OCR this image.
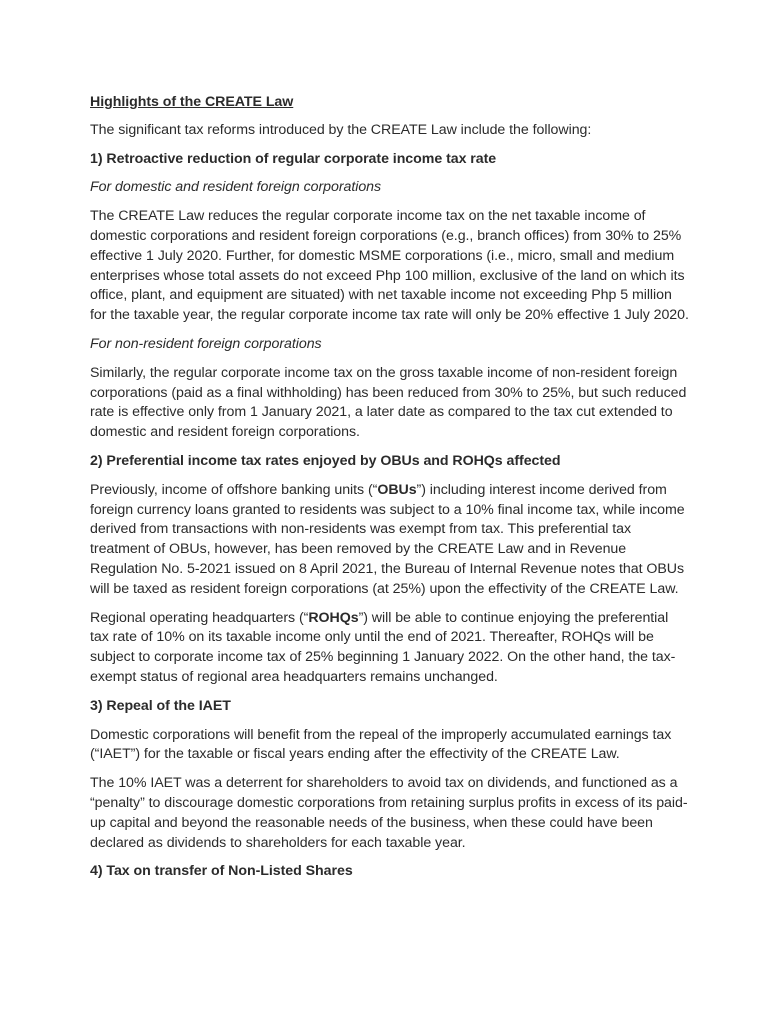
Highlights of the CREATE Law

The significant tax reforms introduced by the CREATE Law include the following:

1) Retroactive reduction of regular corporate income tax rate

For domestic and resident foreign corporations

The CREATE Law reduces the regular corporate income tax on the net taxable income of domestic corporations and resident foreign corporations (e.g., branch offices) from 30% to 25% effective 1 July 2020. Further, for domestic MSME corporations (i.e., micro, small and medium enterprises whose total assets do not exceed Php 100 million, exclusive of the land on which its office, plant, and equipment are situated) with net taxable income not exceeding Php 5 million for the taxable year, the regular corporate income tax rate will only be 20% effective 1 July 2020.

For non-resident foreign corporations

Similarly, the regular corporate income tax on the gross taxable income of non-resident foreign corporations (paid as a final withholding) has been reduced from 30% to 25%, but such reduced rate is effective only from 1 January 2021, a later date as compared to the tax cut extended to domestic and resident foreign corporations.

2) Preferential income tax rates enjoyed by OBUs and ROHQs affected

Previously, income of offshore banking units (“OBUs”) including interest income derived from foreign currency loans granted to residents was subject to a 10% final income tax, while income derived from transactions with non-residents was exempt from tax. This preferential tax treatment of OBUs, however, has been removed by the CREATE Law and in Revenue Regulation No. 5-2021 issued on 8 April 2021, the Bureau of Internal Revenue notes that OBUs will be taxed as resident foreign corporations (at 25%) upon the effectivity of the CREATE Law.

Regional operating headquarters (“ROHQs”) will be able to continue enjoying the preferential tax rate of 10% on its taxable income only until the end of 2021. Thereafter, ROHQs will be subject to corporate income tax of 25% beginning 1 January 2022. On the other hand, the tax-exempt status of regional area headquarters remains unchanged.

3) Repeal of the IAET

Domestic corporations will benefit from the repeal of the improperly accumulated earnings tax (“IAET”) for the taxable or fiscal years ending after the effectivity of the CREATE Law.

The 10% IAET was a deterrent for shareholders to avoid tax on dividends, and functioned as a “penalty” to discourage domestic corporations from retaining surplus profits in excess of its paid-up capital and beyond the reasonable needs of the business, when these could have been declared as dividends to shareholders for each taxable year.

4) Tax on transfer of Non-Listed Shares
